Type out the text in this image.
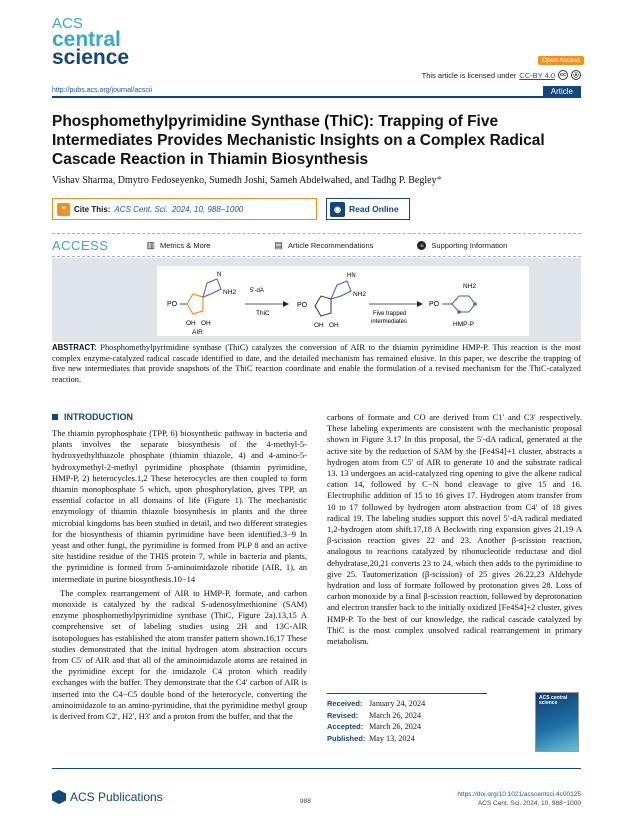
ACS
central
science	Open Access
This article is licensed under CC-BY 4.0 cc	⦿
http://pubs.acs.org/journal/acscii	Article
Phosphomethylpyrimidine Synthase (ThiC): Trapping of Five Intermediates Provides Mechanistic Insights on a Complex Radical Cascade Reaction in Thiamin Biosynthesis
Vishav Sharma, Dmytro Fedoseyenko, Sumedh Joshi, Sameh Abdelwahed, and Tadhg P. Begley*
❝	Cite This: ACS Cent. Sci. 2024, 10, 988−1000	◉ Read Online
ACCESS	▥ Metrics & More	▤ Article Recommendations	si	Supporting Information
PO
N
NH2
OH OH
AIR
5'-dA
ThiC
PO
HN
NH2
OH OH
Five trapped
intermediates
PO
NH2
HMP-P
ABSTRACT: Phosphomethylpyrimidine synthase (ThiC) catalyzes the conversion of AIR to the thiamin pyrimidine HMP-P. This reaction is the most complex enzyme-catalyzed radical cascade identified to date, and the detailed mechanism has remained elusive. In this paper, we describe the trapping of five new intermediates that provide snapshots of the ThiC reaction coordinate and enable the formulation of a revised mechanism for the ThiC-catalyzed reaction.
INTRODUCTION

The thiamin pyrophosphate (TPP, 6) biosynthetic pathway in bacteria and plants involves the separate biosynthesis of the 4-methyl-5-hydroxyethylthiazole phosphate (thiamin thiazole, 4) and 4-amino-5-hydroxymethyl-2-methyl pyrimidine phosphate (thiamin pyrimidine, HMP-P, 2) heterocycles.1,2 These heterocycles are then coupled to form thiamin monophosphate 5 which, upon phosphorylation, gives TPP, an essential cofactor in all domains of life (Figure 1). The mechanistic enzymology of thiamin thiazole biosynthesis in plants and the three microbial kingdoms has been studied in detail, and two different strategies for the biosynthesis of thiamin pyrimidine have been identified.3−9 In yeast and other fungi, the pyrimidine is formed from PLP 8 and an active site histidine residue of the THIS protein 7, while in bacteria and plants, the pyrimidine is formed from 5-aminoimidazole ribotide (AIR, 1), an intermediate in purine biosynthesis.10−14

The complex rearrangement of AIR to HMP-P, formate, and carbon monoxide is catalyzed by the radical S-adenosylmethionine (SAM) enzyme phosphomethylpyrimidine synthase (ThiC, Figure 2a).13,15 A comprehensive set of labeling studies using 2H and 13C-AIR isotopologues has established the atom transfer pattern shown.16,17 These studies demonstrated that the initial hydrogen atom abstraction occurs from C5′ of AIR and that all of the aminoimidazole atoms are retained in the pyrimidine except for the imidazole C4 proton which readily exchanges with the buffer. They demonstrate that the C4′ carbon of AIR is inserted into the C4−C5 double bond of the heterocycle, converting the aminoimidazole to an amino-pyrimidine, that the pyrimidine methyl group is derived from C2′, H2′, H3′ and a proton from the buffer, and that the

carbons of formate and CO are derived from C1′ and C3′ respectively. These labeling experiments are consistent with the mechanistic proposal shown in Figure 3.17 In this proposal, the 5′-dA radical, generated at the active site by the reduction of SAM by the [Fe4S4]+1 cluster, abstracts a hydrogen atom from C5′ of AIR to generate 10 and the substrate radical 13. 13 undergoes an acid-catalyzed ring opening to give the alkene radical cation 14, followed by C−N bond cleavage to give 15 and 16. Electrophilic addition of 15 to 16 gives 17. Hydrogen atom transfer from 10 to 17 followed by hydrogen atom abstraction from C4′ of 18 gives radical 19. The labeling studies support this novel 5′-dA radical mediated 1,2-hydrogen atom shift.17,18 A Beckwith ring expansion gives 21.19 A β-scission reaction gives 22 and 23. Another β-scission reaction, analogous to reactions catalyzed by ribonucleotide reductase and diol dehydratase,20,21 converts 23 to 24, which then adds to the pyrimidine to give 25. Tautomerization (β-scission) of 25 gives 26.22,23 Aldehyde hydration and loss of formate followed by protonation gives 28. Loss of carbon monoxide by a final β-scission reaction, followed by deprotonation and electron transfer back to the initially oxidized [Fe4S4]+2 cluster, gives HMP-P. To the best of our knowledge, the radical cascade catalyzed by ThiC is the most complex unsolved radical rearrangement in primary metabolism.

Received: January 24, 2024
Revised: March 26, 2024
Accepted: March 26, 2024
Published: May 13, 2024
ACS central science
ACS Publications	988
https://doi.org/10.1021/acscentsci.4c00125
ACS Cent. Sci. 2024, 10, 988−1000
